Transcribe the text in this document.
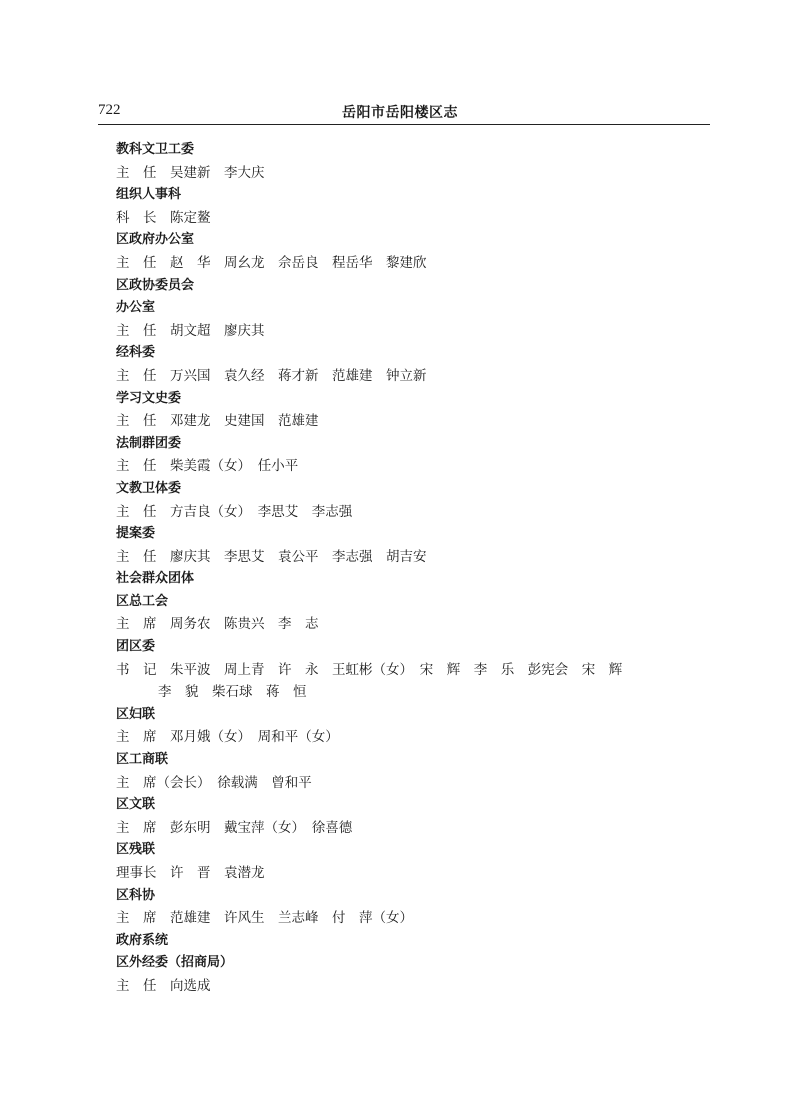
722	岳阳市岳阳楼区志
教科文卫工委
主　任　吴建新　李大庆
组织人事科
科　长　陈定鳌
区政府办公室
主　任　赵　华　周幺龙　佘岳良　程岳华　黎建欣
区政协委员会
办公室
主　任　胡文超　廖庆其
经科委
主　任　万兴国　袁久经　蒋才新　范雄建　钟立新
学习文史委
主　任　邓建龙　史建国　范雄建
法制群团委
主　任　柴美霞（女）　任小平
文教卫体委
主　任　方吉良（女）　李思艾　李志强
提案委
主　任　廖庆其　李思艾　袁公平　李志强　胡吉安
社会群众团体
区总工会
主　席　周务农　陈贵兴　李　志
团区委
书　记　朱平波　周上青　许　永　王虹彬（女）　宋　辉　李　乐　彭宪会　宋　辉
李　貌　柴石球　蒋　恒
区妇联
主　席　邓月娥（女）　周和平（女）
区工商联
主　席（会长）　徐载满　曾和平
区文联
主　席　彭东明　戴宝萍（女）　徐喜德
区残联
理事长　许　晋　袁潜龙
区科协
主　席　范雄建　许风生　兰志峰　付　萍（女）
政府系统
区外经委（招商局）
主　任　向选成
